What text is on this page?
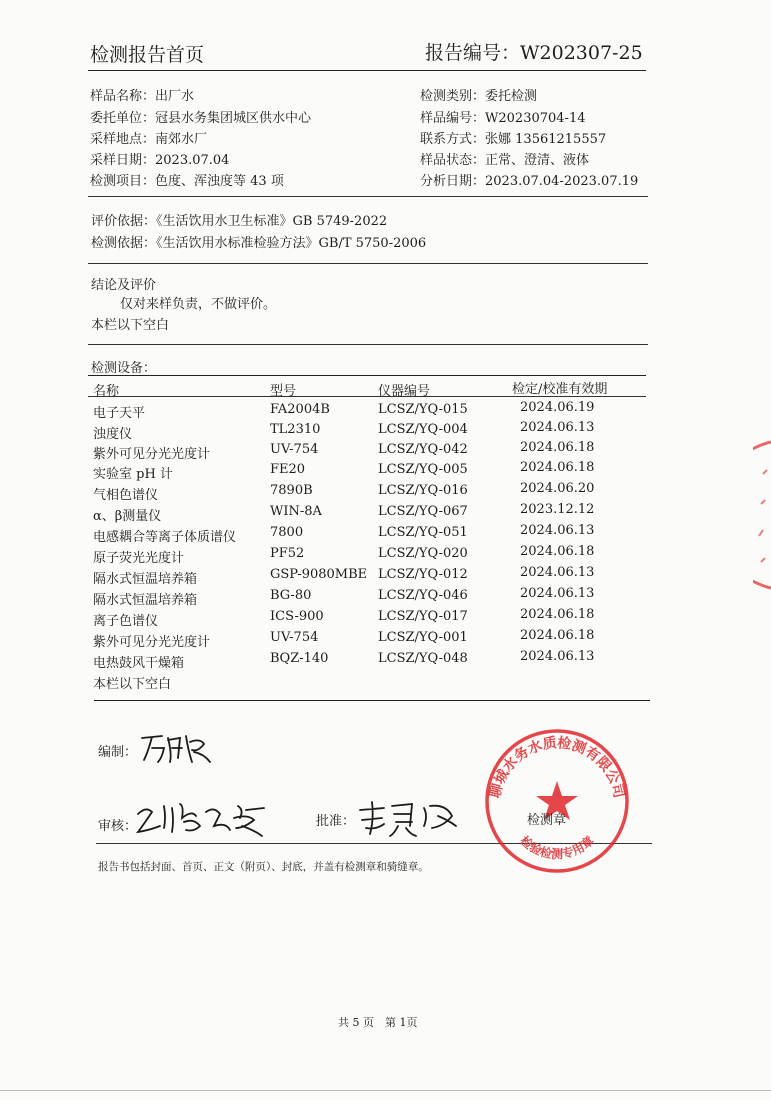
检测报告首页	报告编号：W202307-25
样品名称：出厂水
委托单位：冠县水务集团城区供水中心
采样地点：南郊水厂
采样日期：2023.07.04
检测项目：色度、浑浊度等 43 项
检测类别：委托检测
样品编号：W20230704-14
联系方式：张娜 13561215557
样品状态：正常、澄清、液体
分析日期：2023.07.04-2023.07.19
评价依据：《生活饮用水卫生标准》GB 5749-2022
检测依据：《生活饮用水标准检验方法》GB/T 5750-2006
结论及评价
仅对来样负责，不做评价。
本栏以下空白
检测设备：
名称	型号	仪器编号	检定/校准有效期
电子天平	FA2004B	LCSZ/YQ-015	2024.06.19
浊度仪	TL2310	LCSZ/YQ-004	2024.06.13
紫外可见分光光度计	UV-754	LCSZ/YQ-042	2024.06.18
实验室 pH 计	FE20	LCSZ/YQ-005	2024.06.18
气相色谱仪	7890B	LCSZ/YQ-016	2024.06.20
α、β测量仪	WIN-8A	LCSZ/YQ-067	2023.12.12
电感耦合等离子体质谱仪	7800	LCSZ/YQ-051	2024.06.13
原子荧光光度计	PF52	LCSZ/YQ-020	2024.06.18
隔水式恒温培养箱	GSP-9080MBE LCSZ/YQ-012	2024.06.13
隔水式恒温培养箱	BG-80	LCSZ/YQ-046	2024.06.13
离子色谱仪	ICS-900	LCSZ/YQ-017	2024.06.18
紫外可见分光光度计	UV-754	LCSZ/YQ-001	2024.06.18
电热鼓风干燥箱	BQZ-140	LCSZ/YQ-048	2024.06.13
本栏以下空白
编制：
审核：	批准：	检测章
聊城水务水质检测有限公司
检验检测专用章
报告书包括封面、首页、正文（附页）、封底，并盖有检测章和骑缝章。
共 5 页　第 1页
